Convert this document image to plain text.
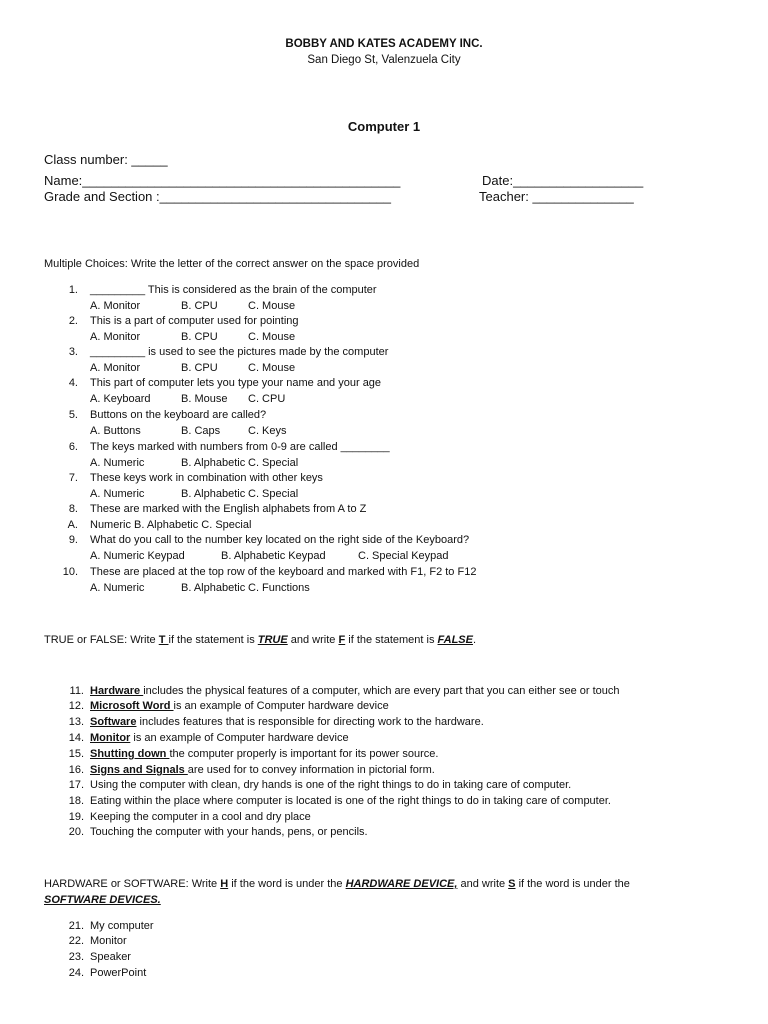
BOBBY AND KATES ACADEMY INC.
San Diego St, Valenzuela City
Computer 1
Class number: _____
Name:____________________________________________	Date:__________________
Grade and Section :________________________________	Teacher: ______________
Multiple Choices: Write the letter of the correct answer on the space provided
1. _________ This is considered as the brain of the computer
A. Monitor	B. CPU	C. Mouse
2. This is a part of computer used for pointing
A. Monitor	B. CPU	C. Mouse
3. _________ is used to see the pictures made by the computer
A. Monitor	B. CPU	C. Mouse
4. This part of computer lets you type your name and your age
A. Keyboard	B. Mouse C. CPU
5. Buttons on the keyboard are called?
A. Buttons	B. Caps	C. Keys
6. The keys marked with numbers from 0-9 are called ________
A. Numeric	B. Alphabetic C. Special
7. These keys work in combination with other keys
A. Numeric	B. Alphabetic C. Special
8. These are marked with the English alphabets from A to Z
A. Numeric B. Alphabetic C. Special
9. What do you call to the number key located on the right side of the Keyboard?
A. Numeric Keypad	B. Alphabetic Keypad	C. Special Keypad
10. These are placed at the top row of the keyboard and marked with F1, F2 to F12
A. Numeric	B. Alphabetic C. Functions
TRUE or FALSE: Write T if the statement is TRUE and write F if the statement is FALSE.
11. Hardware includes the physical features of a computer, which are every part that you can either see or touch
12. Microsoft Word is an example of Computer hardware device
13. Software includes features that is responsible for directing work to the hardware.
14. Monitor is an example of Computer hardware device
15. Shutting down the computer properly is important for its power source.
16. Signs and Signals are used for to convey information in pictorial form.
17. Using the computer with clean, dry hands is one of the right things to do in taking care of computer.
18. Eating within the place where computer is located is one of the right things to do in taking care of computer.
19. Keeping the computer in a cool and dry place
20. Touching the computer with your hands, pens, or pencils.
HARDWARE or SOFTWARE: Write H if the word is under the HARDWARE DEVICE, and write S if the word is under the
SOFTWARE DEVICES.
21. My computer
22. Monitor
23. Speaker
24. PowerPoint
